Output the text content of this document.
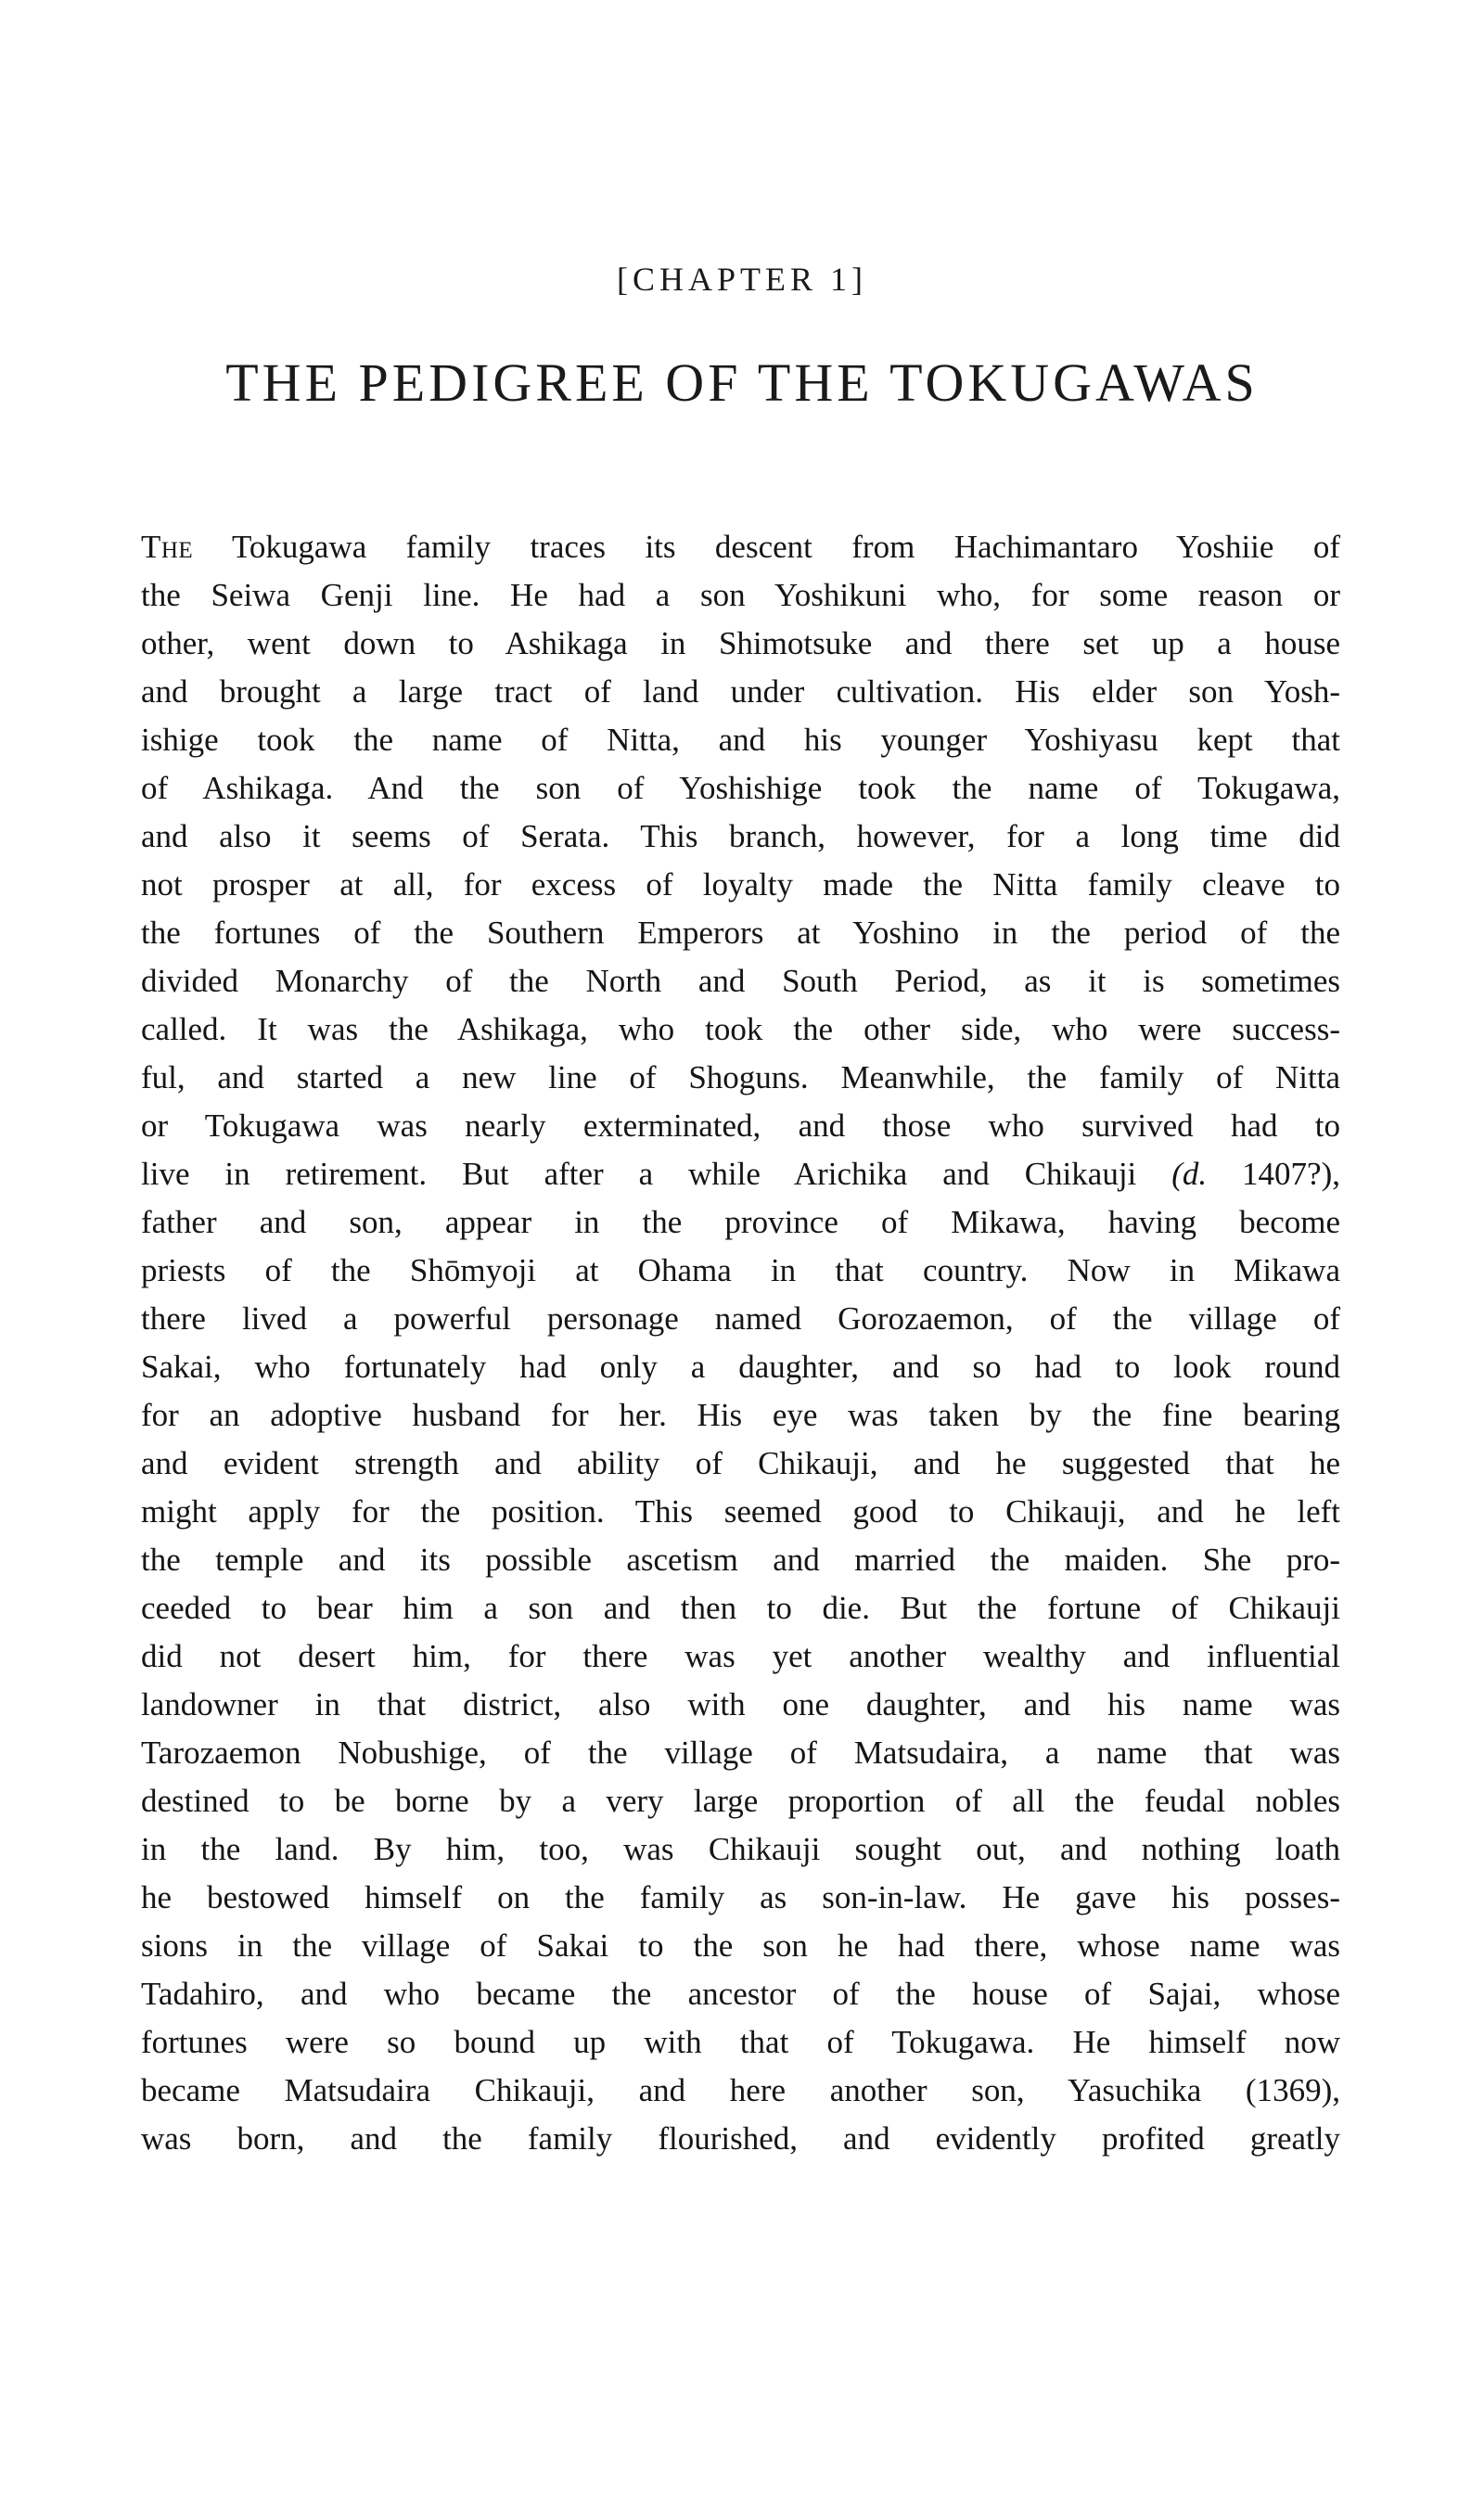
[CHAPTER 1]
THE PEDIGREE OF THE TOKUGAWAS
The Tokugawa family traces its descent from Hachimantaro Yoshiie of
the Seiwa Genji line. He had a son Yoshikuni who, for some reason or
other, went down to Ashikaga in Shimotsuke and there set up a house
and brought a large tract of land under cultivation. His elder son Yosh-
ishige took the name of Nitta, and his younger Yoshiyasu kept that
of Ashikaga. And the son of Yoshishige took the name of Tokugawa,
and also it seems of Serata. This branch, however, for a long time did
not prosper at all, for excess of loyalty made the Nitta family cleave to
the fortunes of the Southern Emperors at Yoshino in the period of the
divided Monarchy of the North and South Period, as it is sometimes
called. It was the Ashikaga, who took the other side, who were success-
ful, and started a new line of Shoguns. Meanwhile, the family of Nitta
or Tokugawa was nearly exterminated, and those who survived had to
live in retirement. But after a while Arichika and Chikauji (d. 1407?),
father and son, appear in the province of Mikawa, having become
priests of the Shōmyoji at Ohama in that country. Now in Mikawa
there lived a powerful personage named Gorozaemon, of the village of
Sakai, who fortunately had only a daughter, and so had to look round
for an adoptive husband for her. His eye was taken by the fine bearing
and evident strength and ability of Chikauji, and he suggested that he
might apply for the position. This seemed good to Chikauji, and he left
the temple and its possible ascetism and married the maiden. She pro-
ceeded to bear him a son and then to die. But the fortune of Chikauji
did not desert him, for there was yet another wealthy and influential
landowner in that district, also with one daughter, and his name was
Tarozaemon Nobushige, of the village of Matsudaira, a name that was
destined to be borne by a very large proportion of all the feudal nobles
in the land. By him, too, was Chikauji sought out, and nothing loath
he bestowed himself on the family as son-in-law. He gave his posses-
sions in the village of Sakai to the son he had there, whose name was
Tadahiro, and who became the ancestor of the house of Sajai, whose
fortunes were so bound up with that of Tokugawa. He himself now
became Matsudaira Chikauji, and here another son, Yasuchika (1369),
was born, and the family flourished, and evidently profited greatly
